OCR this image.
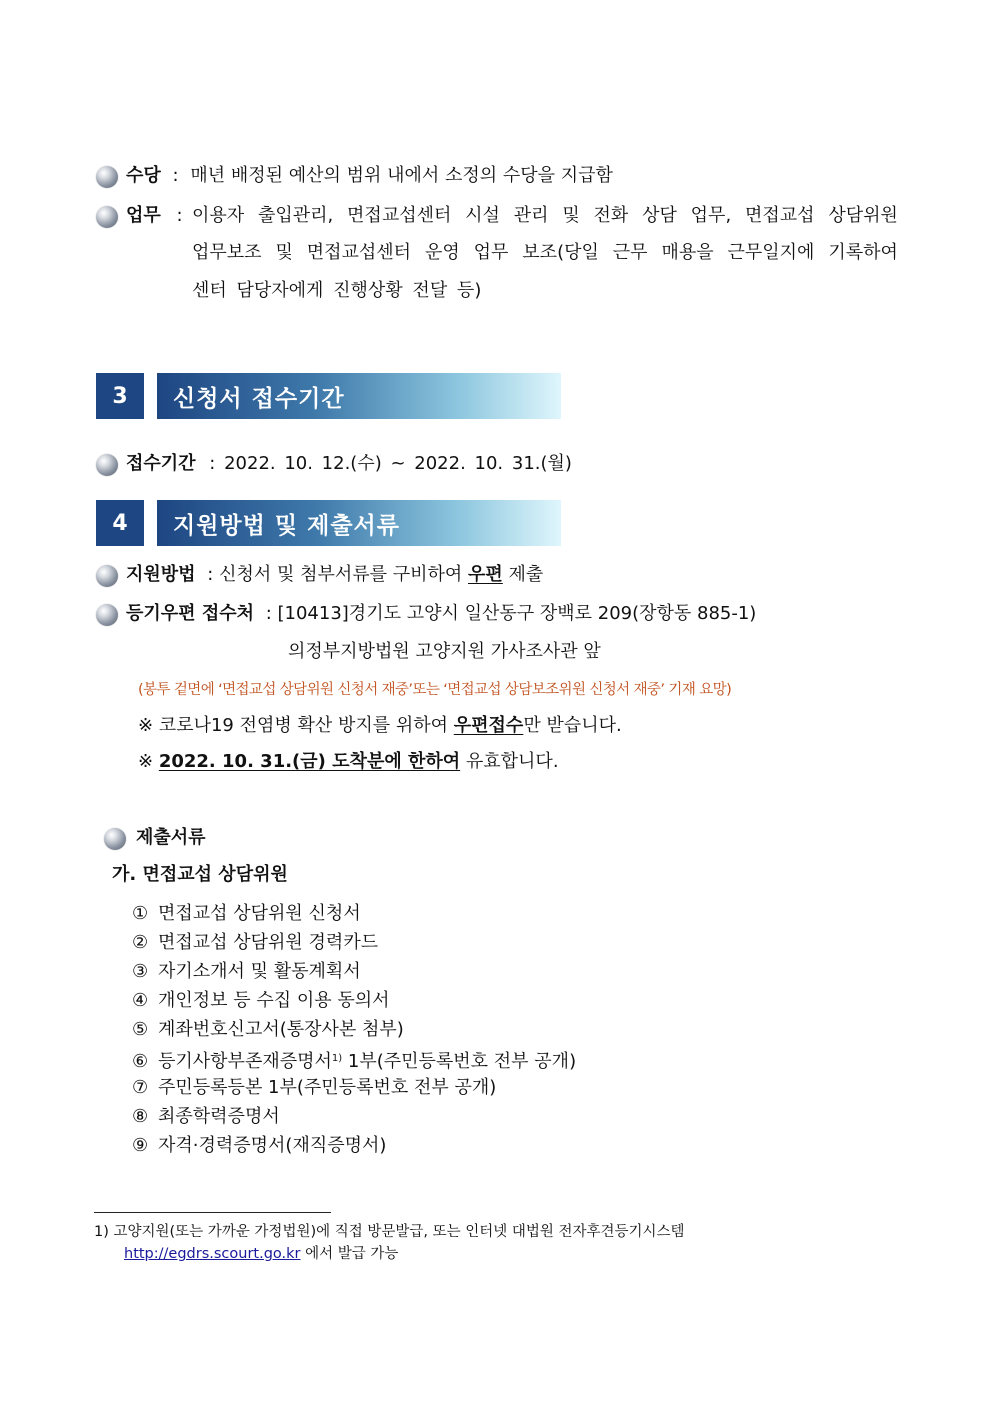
수당 : 매년 배정된 예산의 범위 내에서 소정의 수당을 지급함
업무 : 이용자 출입관리, 면접교섭센터 시설 관리 및 전화 상담 업무, 면접교섭 상담위원
업무보조 및 면접교섭센터 운영 업무 보조(당일 근무 매용을 근무일지에 기록하여
센터 담당자에게 진행상황 전달 등)
3	신청서 접수기간
접수기간 : 2022. 10. 12.(수) ~ 2022. 10. 31.(월)
4	지원방법 및 제출서류
지원방법 : 신청서 및 첨부서류를 구비하여 우편 제출
등기우편 접수처 : [10413]경기도 고양시 일산동구 장백로 209(장항동 885-1)
의정부지방법원 고양지원 가사조사관 앞
(봉투 겉면에 ‘면접교섭 상담위원 신청서 재중’또는 ‘면접교섭 상담보조위원 신청서 재중’ 기재 요망)
※ 코로나19 전염병 확산 방지를 위하여 우편접수만 받습니다.
※ 2022. 10. 31.(금) 도착분에 한하여 유효합니다.
제출서류
가. 면접교섭 상담위원
① 면접교섭 상담위원 신청서
② 면접교섭 상담위원 경력카드
③ 자기소개서 및 활동계획서
④ 개인정보 등 수집 이용 동의서
⑤ 계좌번호신고서(통장사본 첨부)
⑥ 등기사항부존재증명서$^{1)}$ 1부(주민등록번호 전부 공개)
⑦ 주민등록등본 1부(주민등록번호 전부 공개)
⑧ 최종학력증명서
⑨ 자격·경력증명서(재직증명서)
1) 고양지원(또는 가까운 가정법원)에 직접 방문발급, 또는 인터넷 대법원 전자후견등기시스템
http://egdrs.scourt.go.kr 에서 발급 가능
